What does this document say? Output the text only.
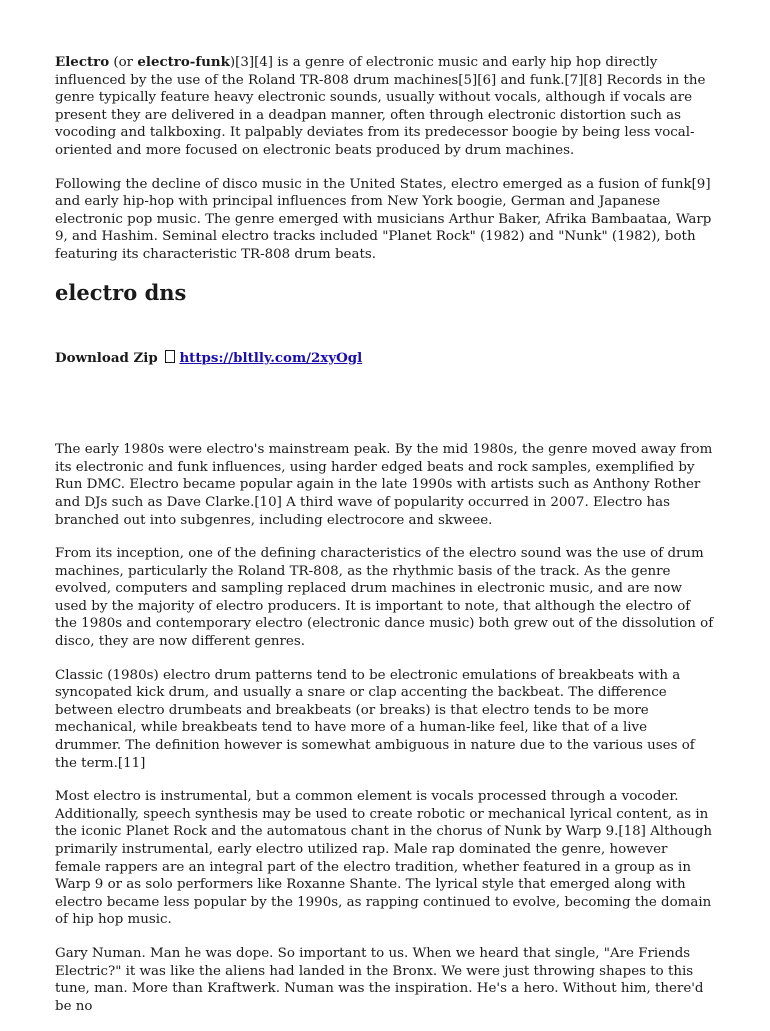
Electro (or electro-funk)[3][4] is a genre of electronic music and early hip hop directly influenced by the use of the Roland TR-808 drum machines[5][6] and funk.[7][8] Records in the genre typically feature heavy electronic sounds, usually without vocals, although if vocals are present they are delivered in a deadpan manner, often through electronic distortion such as vocoding and talkboxing. It palpably deviates from its predecessor boogie by being less vocal-oriented and more focused on electronic beats produced by drum machines.

Following the decline of disco music in the United States, electro emerged as a fusion of funk[9] and early hip-hop with principal influences from New York boogie, German and Japanese electronic pop music. The genre emerged with musicians Arthur Baker, Afrika Bambaataa, Warp 9, and Hashim. Seminal electro tracks included "Planet Rock" (1982) and "Nunk" (1982), both featuring its characteristic TR-808 drum beats.

electro dns
Download Zip https://bltlly.com/2xyOgl

The early 1980s were electro's mainstream peak. By the mid 1980s, the genre moved away from its electronic and funk influences, using harder edged beats and rock samples, exemplified by Run DMC. Electro became popular again in the late 1990s with artists such as Anthony Rother and DJs such as Dave Clarke.[10] A third wave of popularity occurred in 2007. Electro has branched out into subgenres, including electrocore and skweee.

From its inception, one of the defining characteristics of the electro sound was the use of drum machines, particularly the Roland TR-808, as the rhythmic basis of the track. As the genre evolved, computers and sampling replaced drum machines in electronic music, and are now used by the majority of electro producers. It is important to note, that although the electro of the 1980s and contemporary electro (electronic dance music) both grew out of the dissolution of disco, they are now different genres.

Classic (1980s) electro drum patterns tend to be electronic emulations of breakbeats with a syncopated kick drum, and usually a snare or clap accenting the backbeat. The difference between electro drumbeats and breakbeats (or breaks) is that electro tends to be more mechanical, while breakbeats tend to have more of a human-like feel, like that of a live drummer. The definition however is somewhat ambiguous in nature due to the various uses of the term.[11]

Most electro is instrumental, but a common element is vocals processed through a vocoder. Additionally, speech synthesis may be used to create robotic or mechanical lyrical content, as in the iconic Planet Rock and the automatous chant in the chorus of Nunk by Warp 9.[18] Although primarily instrumental, early electro utilized rap. Male rap dominated the genre, however female rappers are an integral part of the electro tradition, whether featured in a group as in Warp 9 or as solo performers like Roxanne Shante. The lyrical style that emerged along with electro became less popular by the 1990s, as rapping continued to evolve, becoming the domain of hip hop music.

Gary Numan. Man he was dope. So important to us. When we heard that single, "Are Friends Electric?" it was like the aliens had landed in the Bronx. We were just throwing shapes to this tune, man. More than Kraftwerk. Numan was the inspiration. He's a hero. Without him, there'd be no
